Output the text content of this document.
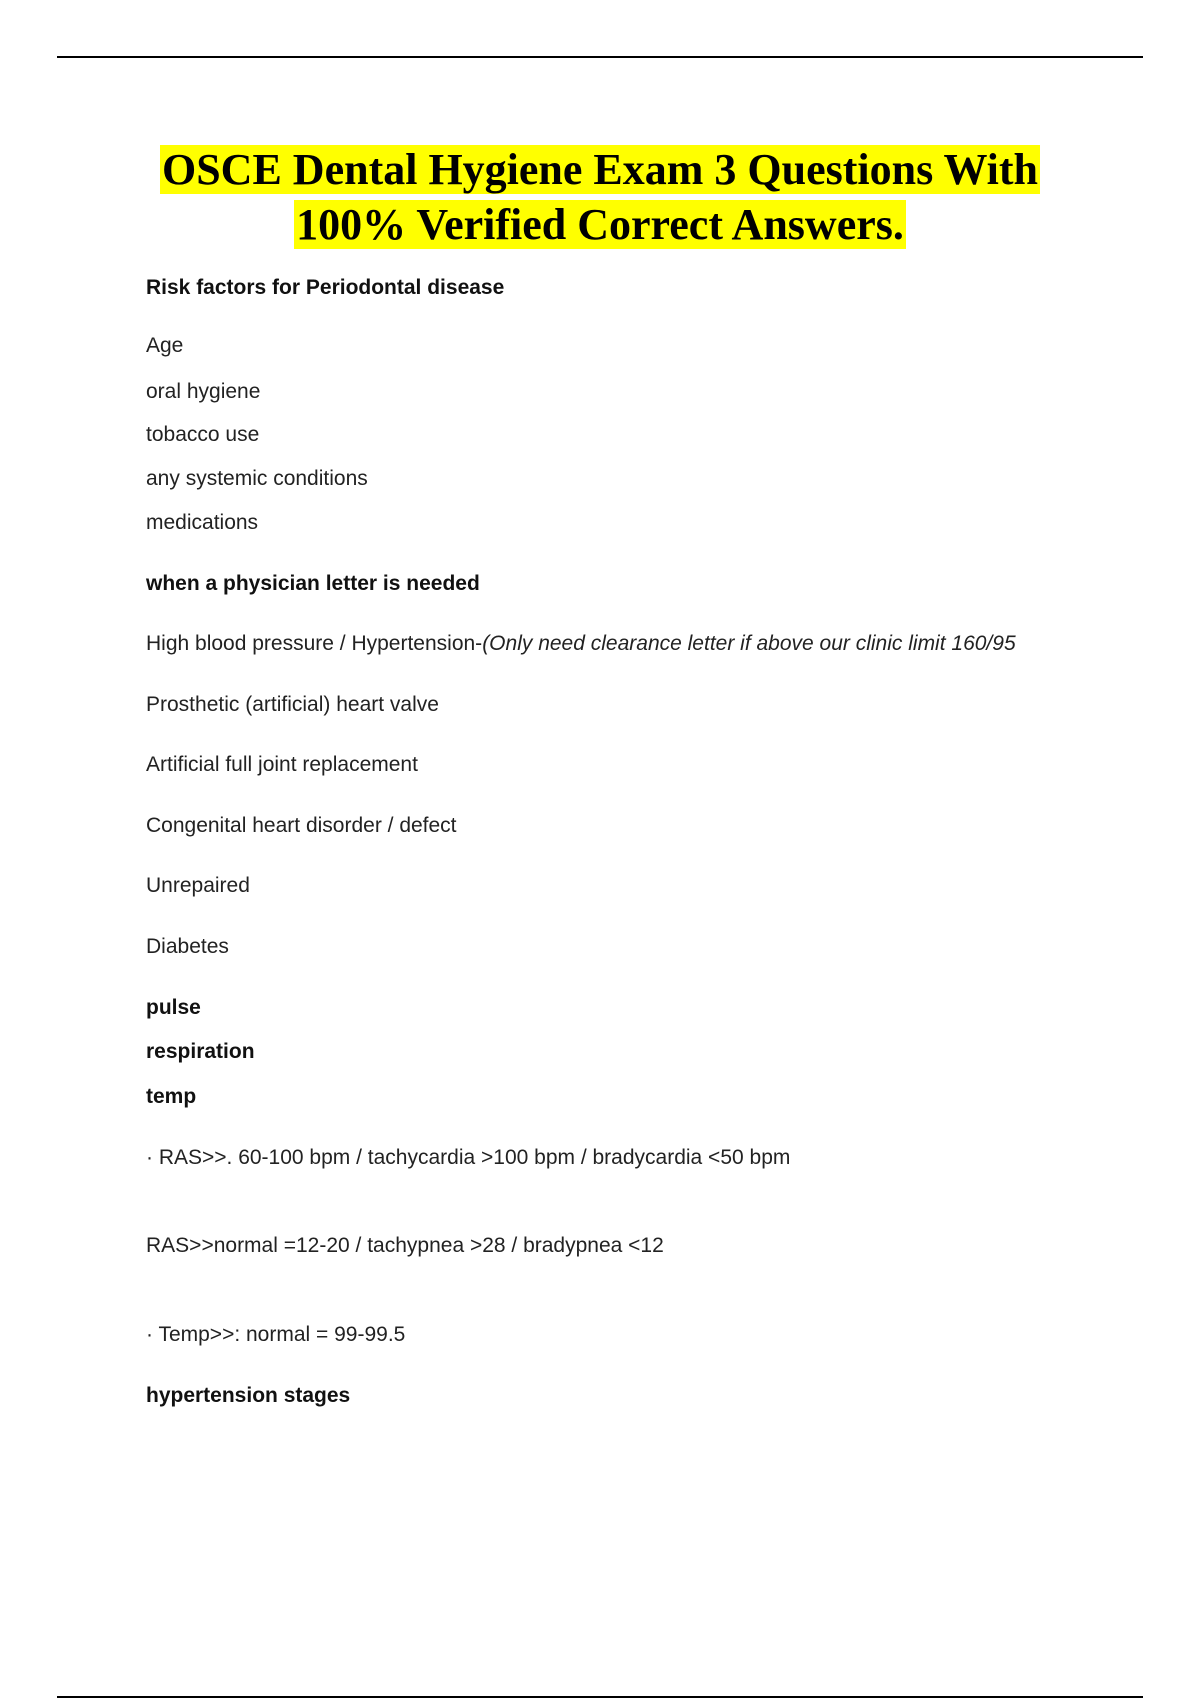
OSCE Dental Hygiene Exam 3 Questions With
100% Verified Correct Answers.
Risk factors for Periodontal disease
Age
oral hygiene
tobacco use
any systemic conditions
medications
when a physician letter is needed
High blood pressure / Hypertension-(Only need clearance letter if above our clinic limit 160/95
Prosthetic (artificial) heart valve
Artificial full joint replacement
Congenital heart disorder / defect
Unrepaired
Diabetes
pulse
respiration
temp
· RAS>>. 60-100 bpm / tachycardia >100 bpm / bradycardia <50 bpm
RAS>>normal =12-20 / tachypnea >28 / bradypnea <12
· Temp>>: normal = 99-99.5
hypertension stages
